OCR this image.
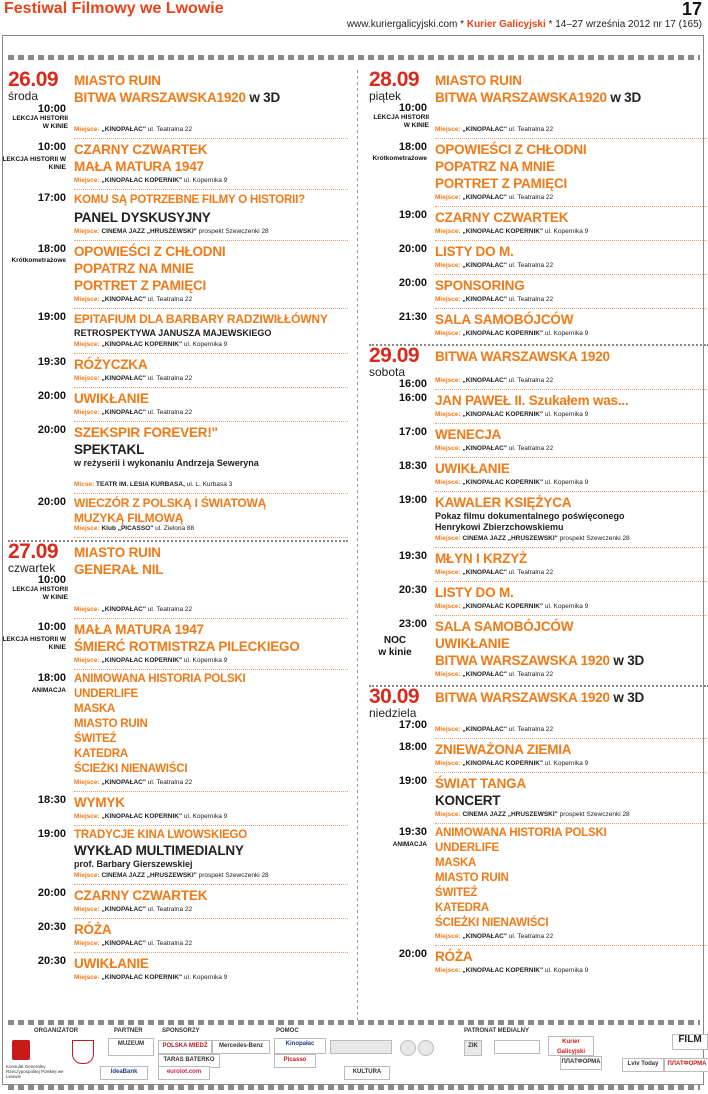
Festiwal Filmowy we Lwowie	17
www.kuriergalicyjski.com * Kurier Galicyjski * 14–27 września 2012 nr 17 (165)
26.09
środa
10:00
LEKCJA HISTORII W KINIE
MIASTO RUIN
BITWA WARSZAWSKA1920 w 3D
Miejsce: „KINOPAŁAC" ul. Teatralna 22
10:00
LEKCJA HISTORII W KINIE
CZARNY CZWARTEK
MAŁA MATURA 1947
Miejsce: „KINOPAŁAC KOPERNIK" ul. Kopernika 9
17:00 KOMU SĄ POTRZEBNE FILMY O HISTORII?
PANEL DYSKUSYJNY
Miejsce: CINEMA JAZZ „HRUSZEWSKI" prospekt Szewczenki 28
18:00
Krótkometrażowe
OPOWIEŚCI Z CHŁODNI
POPATRZ NA MNIE
PORTRET Z PAMIĘCI
Miejsce: „KINOPAŁAC" ul. Teatralna 22
19:00 EPITAFIUM DLA BARBARY RADZIWIŁŁÓWNY
RETROSPEKTYWA JANUSZA MAJEWSKIEGO
Miejsce: „KINOPAŁAC KOPERNIK" ul. Kopernika 9
19:30 RÓŻYCZKA
Miejsce: „KINOPAŁAC" ul. Teatralna 22
20:00 UWIKŁANIE
Miejsce: „KINOPAŁAC" ul. Teatralna 22
20:00 SZEKSPIR FOREVER!"
SPEKTAKL
w reżyserii i wykonaniu Andrzeja Seweryna
Micse: TEATR IM. LESIA KURBASA, ul. L. Kurbasa 3
20:00 WIECZÓR Z POLSKĄ I ŚWIATOWĄ
MUZYKĄ FILMOWĄ
Miejsce: Klub „PICASSO" ul. Zielona 88
27.09
czwartek
10:00
LEKCJA HISTORII W KINIE
MIASTO RUIN
GENERAŁ NIL
Miejsce: „KINOPAŁAC" ul. Teatralna 22
10:00
LEKCJA HISTORII W KINIE
MAŁA MATURA 1947
ŚMIERĆ ROTMISTRZA PILECKIEGO
Miejsce: „KINOPAŁAC KOPERNIK" ul. Kopernika 9
18:00
ANIMACJA
ANIMOWANA HISTORIA POLSKI
UNDERLIFE
MASKA
MIASTO RUIN
ŚWITEŹ
KATEDRA
ŚCIEŻKI NIENAWIŚCI
Miejsce: „KINOPAŁAC" ul. Teatralna 22
18:30 WYMYK
Miejsce: „KINOPAŁAC KOPERNIK" ul. Kopernika 9
19:00 TRADYCJE KINA LWOWSKIEGO
WYKŁAD MULTIMEDIALNY
prof. Barbary Gierszewskiej
Miejsce: CINEMA JAZZ „HRUSZEWSKI" prospekt Szewczenki 28
20:00 CZARNY CZWARTEK
Miejsce: „KINOPAŁAC" ul. Teatralna 22
20:30 RÓŻA
Miejsce: „KINOPAŁAC" ul. Teatralna 22
20:30 UWIKŁANIE
Miejsce: „KINOPAŁAC KOPERNIK" ul. Kopernika 9
28.09
piątek
10:00
LEKCJA HISTORII W KINIE
MIASTO RUIN
BITWA WARSZAWSKA1920 w 3D
Miejsce: „KINOPAŁAC" ul. Teatralna 22
18:00
Krótkometrażowe
OPOWIEŚCI Z CHŁODNI
POPATRZ NA MNIE
PORTRET Z PAMIĘCI
Miejsce: „KINOPAŁAC" ul. Teatralna 22
19:00 CZARNY CZWARTEK
Miejsce: „KINOPAŁAC KOPERNIK" ul. Kopernika 9
20:00 LISTY DO M.
Miejsce: „KINOPAŁAC" ul. Teatralna 22
20:00 SPONSORING
Miejsce: „KINOPAŁAC" ul. Teatralna 22
21:30 SALA SAMOBÓJCÓW
Miejsce: „KINOPAŁAC KOPERNIK" ul. Kopernika 9
29.09
sobota
16:00
BITWA WARSZAWSKA 1920
Miejsce: „KINOPAŁAC" ul. Teatralna 22
16:00 JAN PAWEŁ II. Szukałem was...
Miejsce: „KINOPAŁAC KOPERNIK" ul. Kopernika 9
17:00 WENECJA
Miejsce: „KINOPAŁAC" ul. Teatralna 22
18:30 UWIKŁANIE
Miejsce: „KINOPAŁAC KOPERNIK" ul. Kopernika 9
19:00 KAWALER KSIĘŻYCA
Pokaz filmu dokumentalnego poświęconego
Henrykowi Zbierzchowskiemu
Miejsce: CINEMA JAZZ „HRUSZEWSKI" prospekt Szewczenki 28
19:30 MŁYN I KRZYŻ
Miejsce: „KINOPAŁAC" ul. Teatralna 22
20:30 LISTY DO M.
Miejsce: „KINOPAŁAC KOPERNIK" ul. Kopernika 9
23:00
NOC
w kinie
SALA SAMOBÓJCÓW
UWIKŁANIE
BITWA WARSZAWSKA 1920 w 3D
Miejsce: „KINOPAŁAC" ul. Teatralna 22
30.09
niedziela
17:00
BITWA WARSZAWSKA 1920 w 3D
Miejsce: „KINOPAŁAC" ul. Teatralna 22
18:00 ZNIEWAŻONA ZIEMIA
Miejsce: „KINOPAŁAC KOPERNIK" ul. Kopernika 9
19:00 ŚWIAT TANGA
KONCERT
Miejsce: CINEMA JAZZ „HRUSZEWSKI" prospekt Szewczenki 28
19:30
ANIMACJA
ANIMOWANA HISTORIA POLSKI
UNDERLIFE
MASKA
MIASTO RUIN
ŚWITEŹ
KATEDRA
ŚCIEŻKI NIENAWIŚCI
Miejsce: „KINOPAŁAC" ul. Teatralna 22
20:00 RÓŻA
Miejsce: „KINOPAŁAC KOPERNIK" ul. Kopernika 9
ORGANIZATOR
Konsulat Generalny Rzeczypospolitej Polskiej we Lwowie
PARTNER	SPONSORZY	PATRONAT MEDIALNY
POMOC
MUZEUM	POLSKA MIEDŹ	Mercedes-Benz
TARAS BATERKO
eurolot.com
IdeaBank
Kinopałac
Picasso
KULTURA
ZIK
Kurier Galicyjski
ПЛАТФОРМА	Lviv Today
FILM
ПЛАТФОРМА
